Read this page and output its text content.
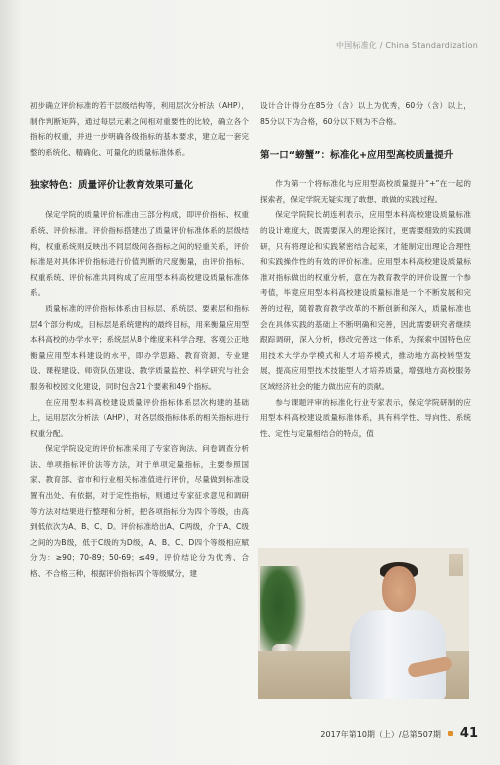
中国标准化 / China Standardization

初步确立评价标准的若干层级结构等，利用层次分析法（AHP），制作判断矩阵，通过每层元素之间相对重要性的比较，确立各个指标的权重，并进一步明确各级指标的基本要求，建立起一套完整的系统化、精确化、可量化的质量标准体系。

独家特色：质量评价让教育效果可量化

保定学院的质量评价标准由三部分构成，即评价指标、权重系统、评价标准。评价指标搭建出了质量评价标准体系的层级结构，权重系统则反映出不同层级间各指标之间的轻重关系，评价标准是对具体评价指标进行价值判断的尺度衡量，由评价指标、权重系统、评价标准共同构成了应用型本科高校建设质量标准体系。

质量标准的评价指标体系由目标层、系统层、要素层和指标层4个部分构成，目标层是系统建构的最终目标，用来衡量应用型本科高校的办学水平；系统层从8个维度来科学合理、客观公正地衡量应用型本科建设的水平，即办学思路、教育资源、专业建设、课程建设、师资队伍建设、教学质量监控、科学研究与社会服务和校园文化建设，同时包含21个要素和49个指标。

在应用型本科高校建设质量评价指标体系层次构建的基础上，运用层次分析法（AHP），对各层级指标体系的相关指标进行权重分配。

保定学院设定的评价标准采用了专家咨询法、问卷调查分析法、单项指标评价法等方法，对于单项定量指标，主要参照国家、教育部、省市和行业相关标准值进行评价，尽量做到标准设置有出处、有依据，对于定性指标，则通过专家征求意见和调研等方法对结果进行整理和分析，把各项指标分为四个等级，由高到低依次为A、B、C、D。评价标准给出A、C两级，介于A、C级之间的为B级，低于C级的为D级，A、B、C、D四个等级相应赋分为：≥90；70-89；50-69；≤49。评价结论分为优秀、合格、不合格三种，根据评价指标四个等级赋分，建

设计合计得分在85分（含）以上为优秀，60分（含）以上，85分以下为合格，60分以下则为不合格。

第一口“螃蟹”：标准化+应用型高校质量提升

作为第一个将标准化与应用型高校质量提升“+”在一起的探索者，保定学院无疑实现了敢想、敢做的实践过程。

保定学院院长胡连利表示，应用型本科高校建设质量标准的设计难度大，既需要深入的理论探讨，更需要细致的实践调研，只有将理论和实践紧密结合起来，才能制定出理论合理性和实践操作性的有效的评价标准。应用型本科高校建设质量标准对指标做出的权重分析，意在为教育教学的评价设置一个参考值，毕竟应用型本科高校建设质量标准是一个不断发展和完善的过程，随着教育教学改革的不断创新和深入，质量标准也会在具体实践的基础上不断明确和完善，因此需要研究者继续跟踪调研，深入分析，修改完善这一体系，为探索中国特色应用技术大学办学模式和人才培养模式，推动地方高校转型发展，提高应用型技术技能型人才培养质量，增强地方高校服务区域经济社会的能力做出应有的贡献。

参与课题评审的标准化行业专家表示，保定学院研制的应用型本科高校建设质量标准体系，具有科学性、导向性、系统性、定性与定量相结合的特点，值

2017年第10期（上）/总第507期 41
